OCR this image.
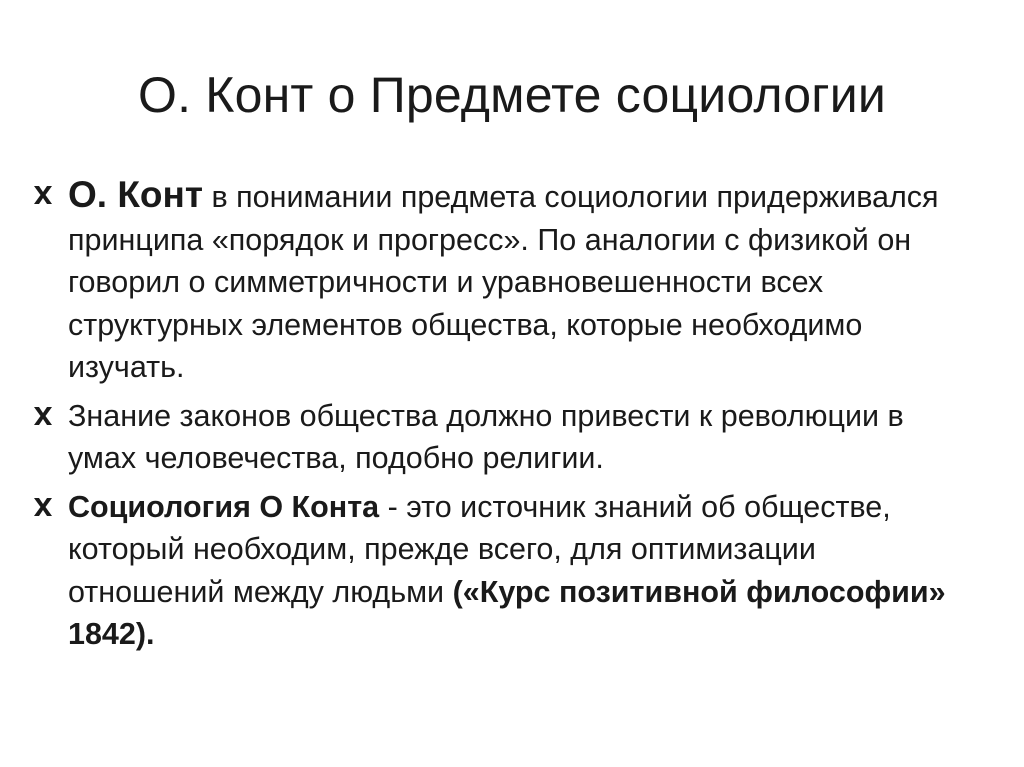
О. Конт о Предмете социологии
О. Конт в понимании предмета социологии придерживался принципа «порядок и прогресс». По аналогии с физикой он говорил о симметричности и уравновешенности всех структурных элементов общества, которые необходимо изучать.
Знание законов общества должно привести к революции в умах человечества, подобно религии.
Социология О Конта - это источник знаний об обществе, который необходим, прежде всего, для оптимизации отношений между людьми («Курс позитивной философии» 1842).
